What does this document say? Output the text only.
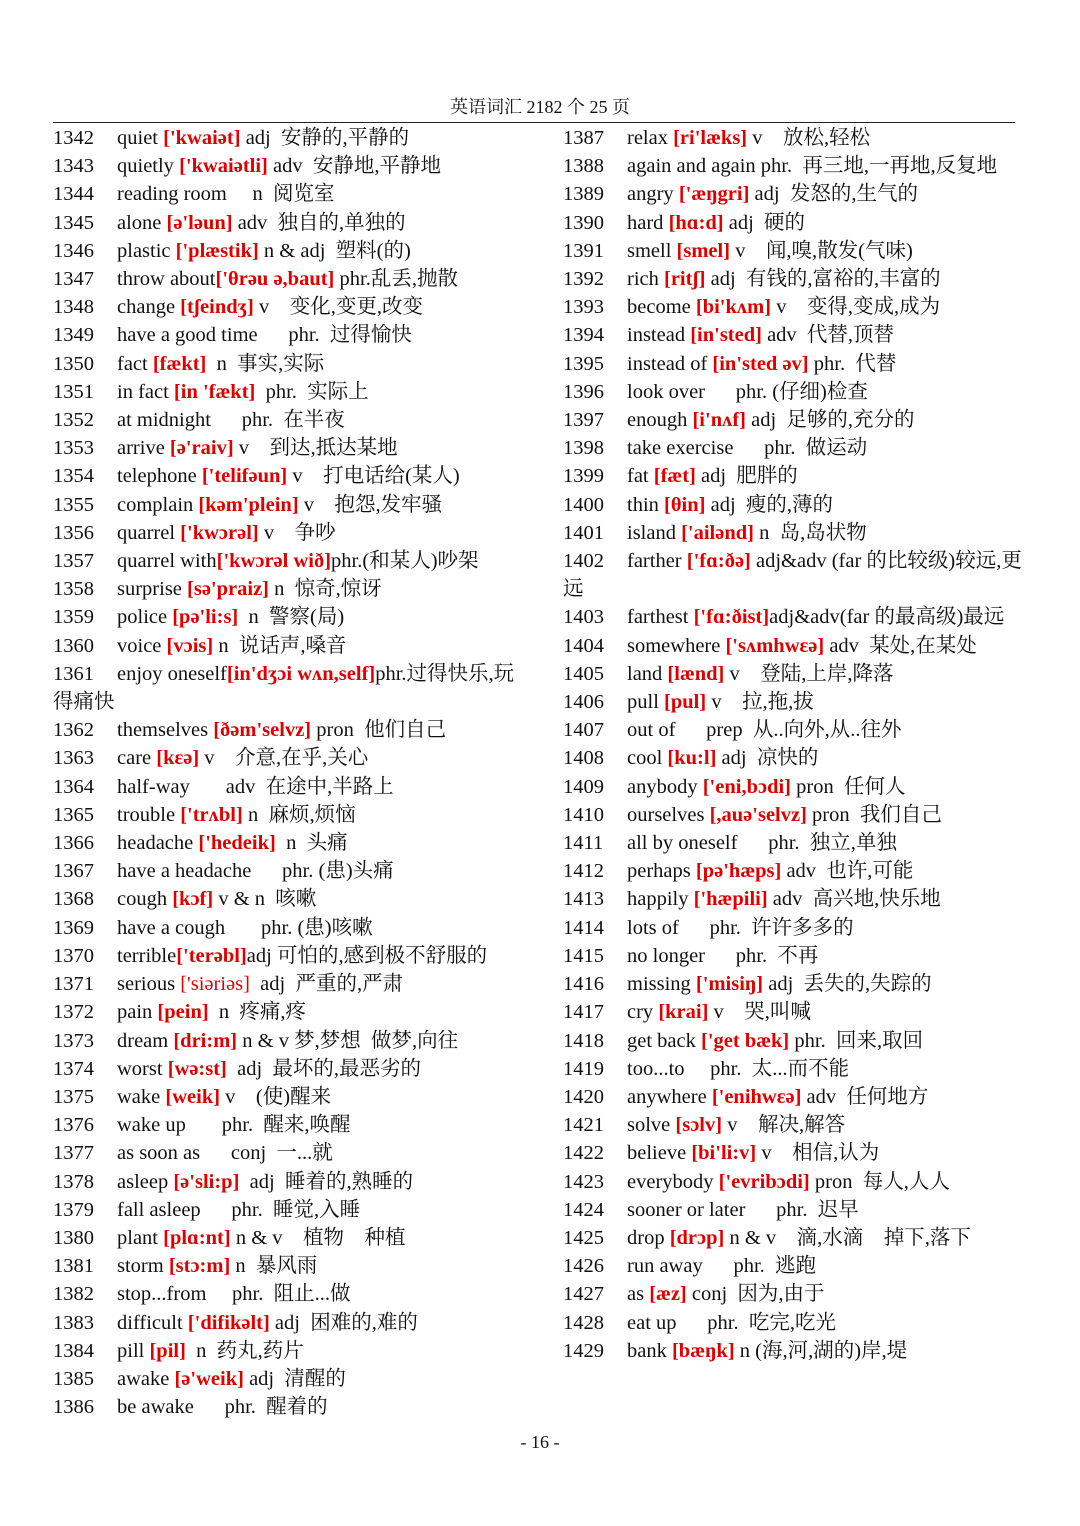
英语词汇 2182 个 25 页
1342 quiet ['kwaiət] adj  安静的,平静的
1343 quietly ['kwaiətli] adv  安静地,平静地
1344 reading room     n  阅览室
1345 alone [ə'ləun] adv  独自的,单独的
1346 plastic ['plæstik] n & adj  塑料(的)
1347 throw about['θrəu ə,baut] phr.乱丢,抛散
1348 change [tʃeindʒ] v    变化,变更,改变
1349 have a good time      phr.  过得愉快
1350 fact [fækt]  n  事实,实际
1351 in fact [in 'fækt]  phr.  实际上
1352 at midnight      phr.  在半夜
1353 arrive [ə'raiv] v    到达,抵达某地
1354 telephone ['telifəun] v    打电话给(某人)
1355 complain [kəm'plein] v    抱怨,发牢骚
1356 quarrel ['kwɔrəl] v    争吵
1357 quarrel with['kwɔrəl wið]phr.(和某人)吵架
1358 surprise [sə'praiz] n  惊奇,惊讶
1359 police [pə'li:s]  n  警察(局)
1360 voice [vɔis] n  说话声,嗓音
1361 enjoy oneself[in'dʒɔi wʌn,self]phr.过得快乐,玩得痛快
1362 themselves [ðəm'selvz] pron  他们自己
1363 care [kεə] v    介意,在乎,关心
1364 half-way       adv  在途中,半路上
1365 trouble ['trʌbl] n  麻烦,烦恼
1366 headache ['hedeik]  n  头痛
1367 have a headache      phr. (患)头痛
1368 cough [kɔf] v & n  咳嗽
1369 have a cough       phr. (患)咳嗽
1370 terrible['terəbl]adj 可怕的,感到极不舒服的
1371 serious ['siəriəs]  adj  严重的,严肃
1372 pain [pein]  n  疼痛,疼
1373 dream [dri:m] n & v 梦,梦想  做梦,向往
1374 worst [wə:st]  adj  最坏的,最恶劣的
1375 wake [weik] v    (使)醒来
1376 wake up       phr.  醒来,唤醒
1377 as soon as      conj  一...就
1378 asleep [ə'sli:p]  adj  睡着的,熟睡的
1379 fall asleep      phr.  睡觉,入睡
1380 plant [plɑ:nt] n & v    植物    种植
1381 storm [stɔ:m] n  暴风雨
1382 stop...from     phr.  阻止...做
1383 difficult ['difikəlt] adj  困难的,难的
1384 pill [pil]  n  药丸,药片
1385 awake [ə'weik] adj  清醒的
1386 be awake      phr.  醒着的
1387 relax [ri'læks] v    放松,轻松
1388 again and again phr.  再三地,一再地,反复地
1389 angry ['æŋgri] adj  发怒的,生气的
1390 hard [hɑ:d] adj  硬的
1391 smell [smel] v    闻,嗅,散发(气味)
1392 rich [ritʃ] adj  有钱的,富裕的,丰富的
1393 become [bi'kʌm] v    变得,变成,成为
1394 instead [in'sted] adv  代替,顶替
1395 instead of [in'sted əv] phr.  代替
1396 look over      phr. (仔细)检查
1397 enough [i'nʌf] adj  足够的,充分的
1398 take exercise      phr.  做运动
1399 fat [fæt] adj  肥胖的
1400 thin [θin] adj  瘦的,薄的
1401 island ['ailənd] n  岛,岛状物
1402 farther ['fɑ:ðə] adj&adv (far 的比较级)较远,更远
1403 farthest ['fɑ:ðist]adj&adv(far 的最高级)最远
1404 somewhere ['sʌmhwεə] adv  某处,在某处
1405 land [lænd] v    登陆,上岸,降落
1406 pull [pul] v    拉,拖,拔
1407 out of      prep  从..向外,从..往外
1408 cool [ku:l] adj  凉快的
1409 anybody ['eni,bɔdi] pron  任何人
1410 ourselves [,auə'selvz] pron  我们自己
1411 all by oneself      phr.  独立,单独
1412 perhaps [pə'hæps] adv  也许,可能
1413 happily ['hæpili] adv  高兴地,快乐地
1414 lots of      phr.  许许多多的
1415 no longer      phr.  不再
1416 missing ['misiŋ] adj  丢失的,失踪的
1417 cry [krai] v    哭,叫喊
1418 get back ['get bæk] phr.  回来,取回
1419 too...to     phr.  太...而不能
1420 anywhere ['enihwεə] adv  任何地方
1421 solve [sɔlv] v    解决,解答
1422 believe [bi'li:v] v    相信,认为
1423 everybody ['evribɔdi] pron  每人,人人
1424 sooner or later      phr.  迟早
1425 drop [drɔp] n & v    滴,水滴    掉下,落下
1426 run away      phr.  逃跑
1427 as [æz] conj  因为,由于
1428 eat up      phr.  吃完,吃光
1429 bank [bæŋk] n (海,河,湖的)岸,堤
- 16 -
